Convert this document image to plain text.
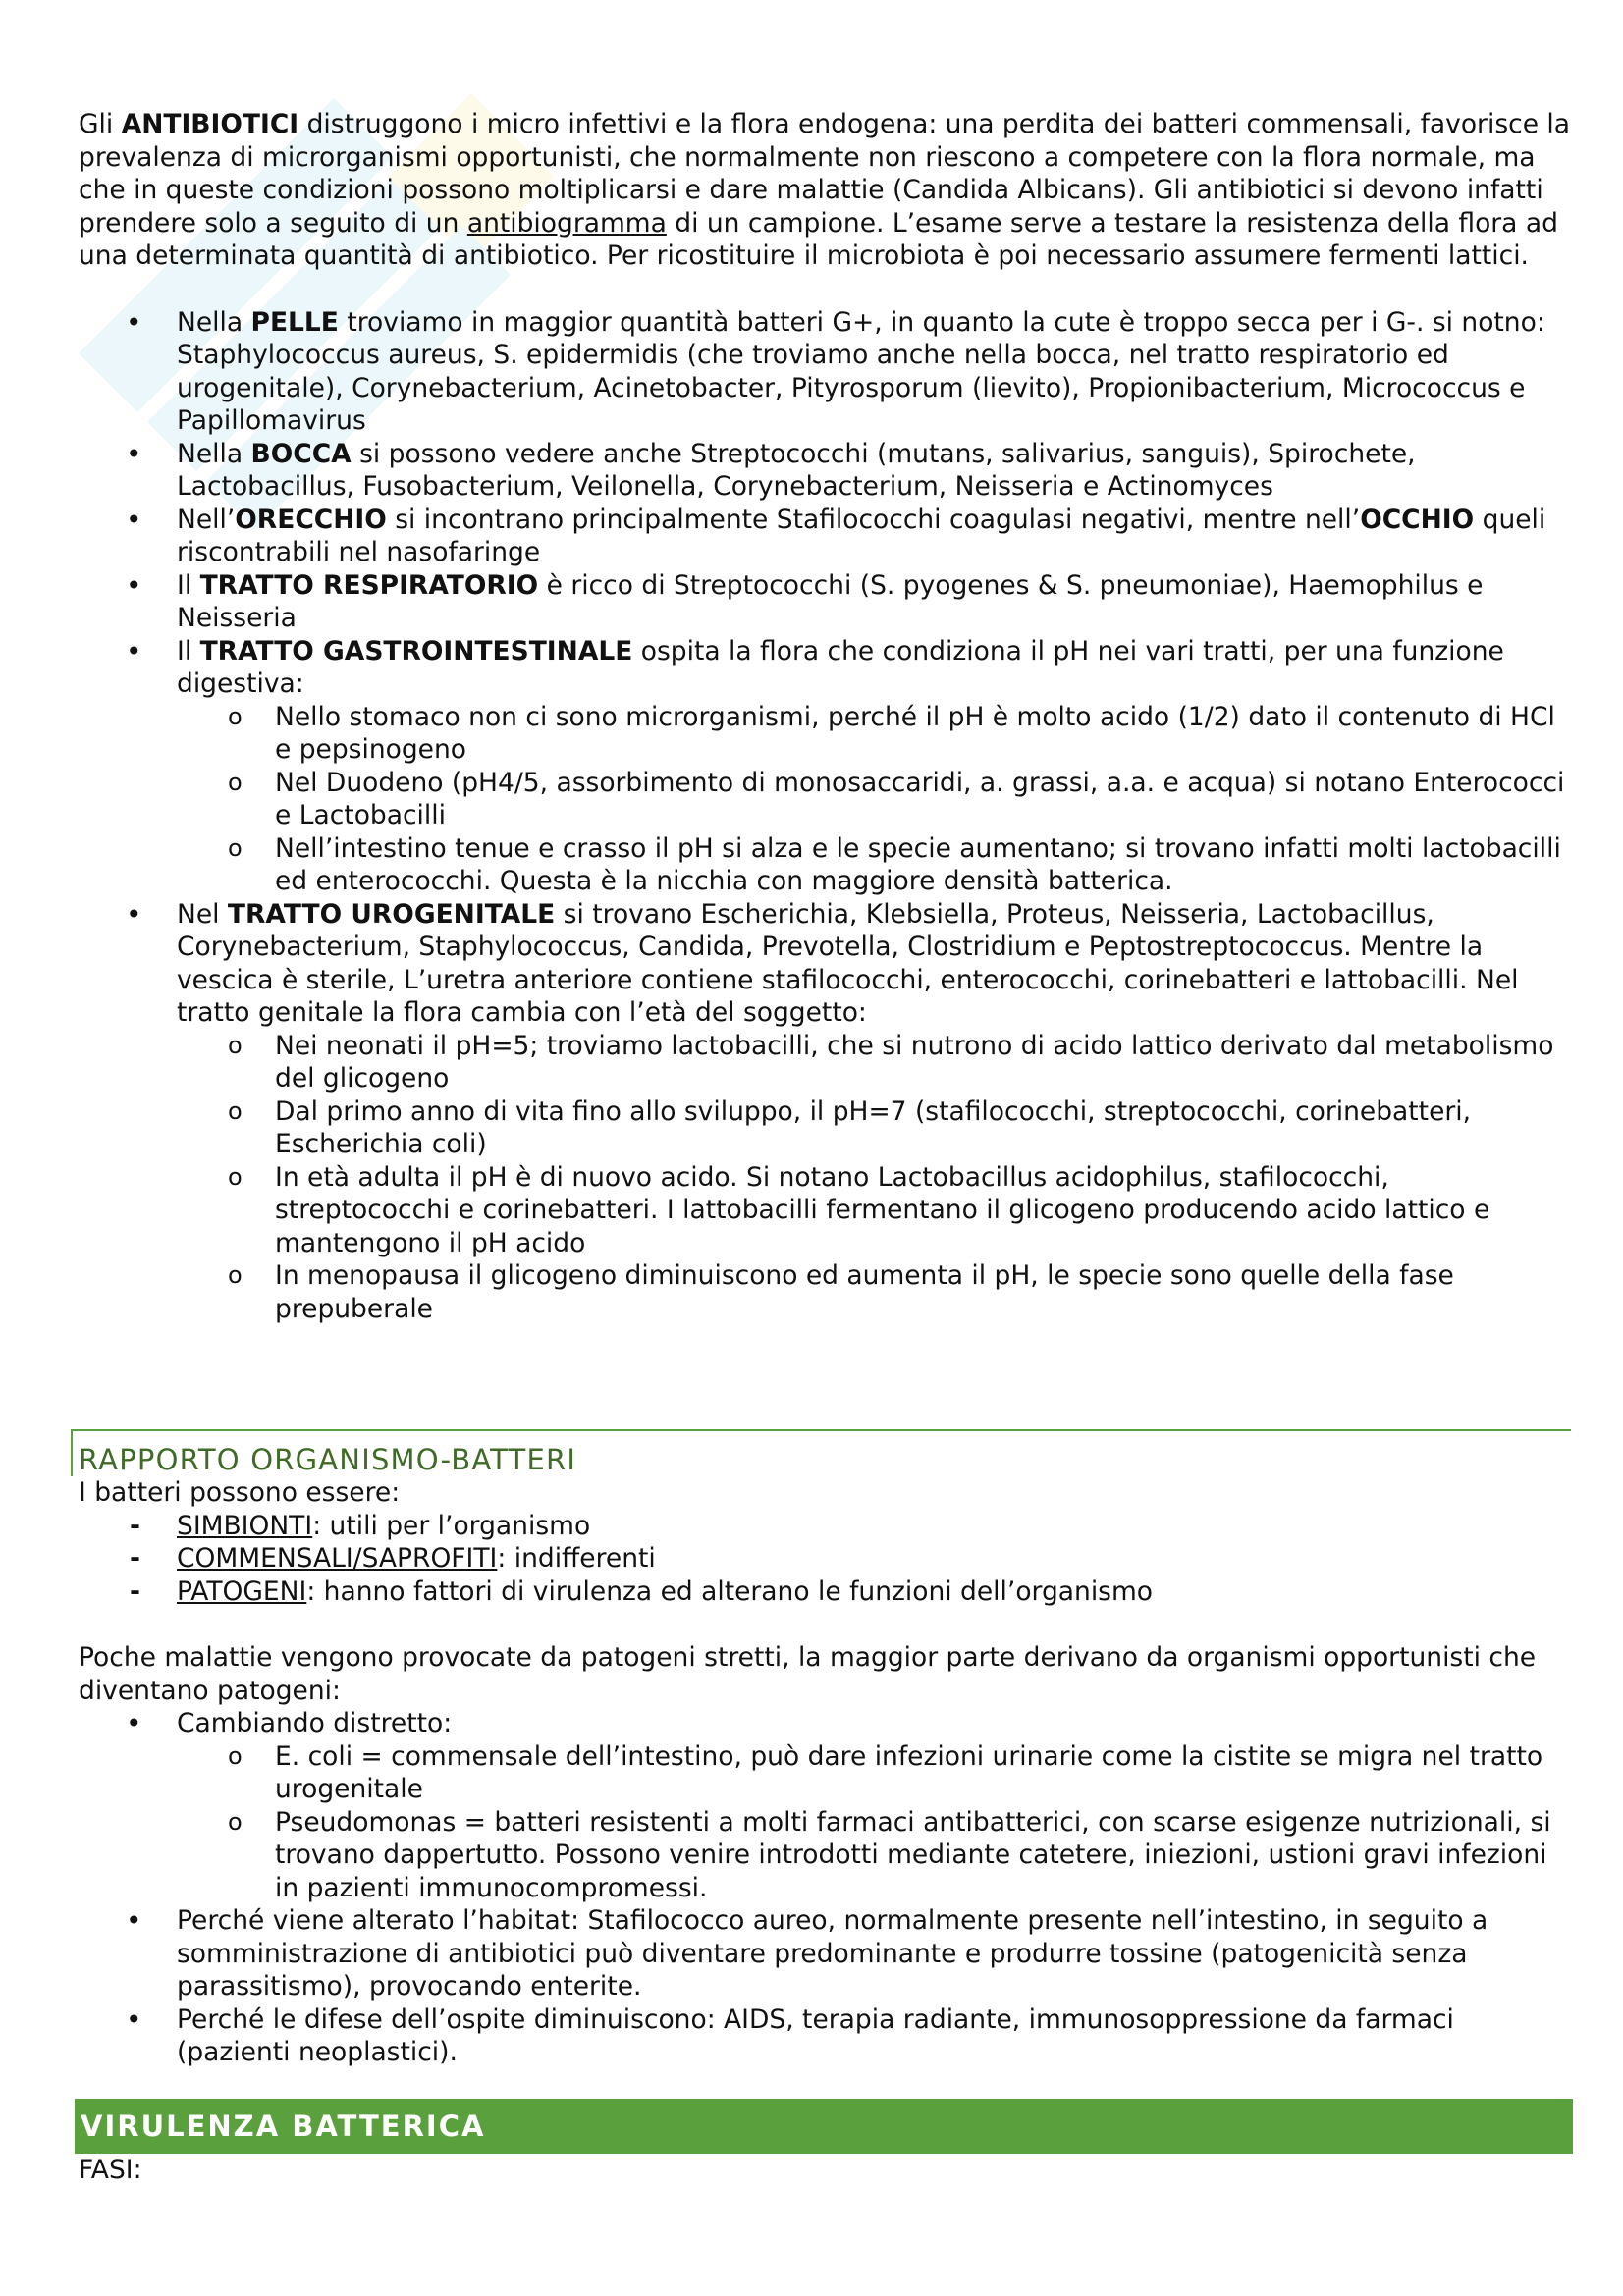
Gli ANTIBIOTICI distruggono i micro infettivi e la flora endogena: una perdita dei batteri commensali, favorisce la prevalenza di microrganismi opportunisti, che normalmente non riescono a competere con la flora normale, ma che in queste condizioni possono moltiplicarsi e dare malattie (Candida Albicans). Gli antibiotici si devono infatti prendere solo a seguito di un antibiogramma di un campione. L’esame serve a testare la resistenza della flora ad una determinata quantità di antibiotico. Per ricostituire il microbiota è poi necessario assumere fermenti lattici.

• Nella PELLE troviamo in maggior quantità batteri G+, in quanto la cute è troppo secca per i G-. si notno: Staphylococcus aureus, S. epidermidis (che troviamo anche nella bocca, nel tratto respiratorio ed urogenitale), Corynebacterium, Acinetobacter, Pityrosporum (lievito), Propionibacterium, Micrococcus e Papillomavirus
• Nella BOCCA si possono vedere anche Streptococchi (mutans, salivarius, sanguis), Spirochete, Lactobacillus, Fusobacterium, Veilonella, Corynebacterium, Neisseria e Actinomyces
• Nell’ORECCHIO si incontrano principalmente Stafilococchi coagulasi negativi, mentre nell’OCCHIO queli riscontrabili nel nasofaringe
• Il TRATTO RESPIRATORIO è ricco di Streptococchi (S. pyogenes & S. pneumoniae), Haemophilus e Neisseria
• Il TRATTO GASTROINTESTINALE ospita la flora che condiziona il pH nei vari tratti, per una funzione digestiva:
o Nello stomaco non ci sono microrganismi, perché il pH è molto acido (1/2) dato il contenuto di HCl e pepsinogeno
o Nel Duodeno (pH4/5, assorbimento di monosaccaridi, a. grassi, a.a. e acqua) si notano Enterococci e Lactobacilli
o Nell’intestino tenue e crasso il pH si alza e le specie aumentano; si trovano infatti molti lactobacilli ed enterococchi. Questa è la nicchia con maggiore densità batterica.
• Nel TRATTO UROGENITALE si trovano Escherichia, Klebsiella, Proteus, Neisseria, Lactobacillus, Corynebacterium, Staphylococcus, Candida, Prevotella, Clostridium e Peptostreptococcus. Mentre la vescica è sterile, L’uretra anteriore contiene stafilococchi, enterococchi, corinebatteri e lattobacilli. Nel tratto genitale la flora cambia con l’età del soggetto:
o Nei neonati il pH=5; troviamo lactobacilli, che si nutrono di acido lattico derivato dal metabolismo del glicogeno
o Dal primo anno di vita fino allo sviluppo, il pH=7 (stafilococchi, streptococchi, corinebatteri, Escherichia coli)
o In età adulta il pH è di nuovo acido. Si notano Lactobacillus acidophilus, stafilococchi, streptococchi e corinebatteri. I lattobacilli fermentano il glicogeno producendo acido lattico e mantengono il pH acido
o In menopausa il glicogeno diminuiscono ed aumenta il pH, le specie sono quelle della fase prepuberale
RAPPORTO ORGANISMO-BATTERI

I batteri possono essere:

- SIMBIONTI: utili per l’organismo
- COMMENSALI/SAPROFITI: indifferenti
- PATOGENI: hanno fattori di virulenza ed alterano le funzioni dell’organismo

Poche malattie vengono provocate da patogeni stretti, la maggior parte derivano da organismi opportunisti che diventano patogeni:

• Cambiando distretto:
o E. coli = commensale dell’intestino, può dare infezioni urinarie come la cistite se migra nel tratto urogenitale
o Pseudomonas = batteri resistenti a molti farmaci antibatterici, con scarse esigenze nutrizionali, si trovano dappertutto. Possono venire introdotti mediante catetere, iniezioni, ustioni gravi infezioni in pazienti immunocompromessi.
• Perché viene alterato l’habitat: Stafilococco aureo, normalmente presente nell’intestino, in seguito a somministrazione di antibiotici può diventare predominante e produrre tossine (patogenicità senza parassitismo), provocando enterite.
• Perché le difese dell’ospite diminuiscono: AIDS, terapia radiante, immunosoppressione da farmaci (pazienti neoplastici).
VIRULENZA BATTERICA

FASI:
